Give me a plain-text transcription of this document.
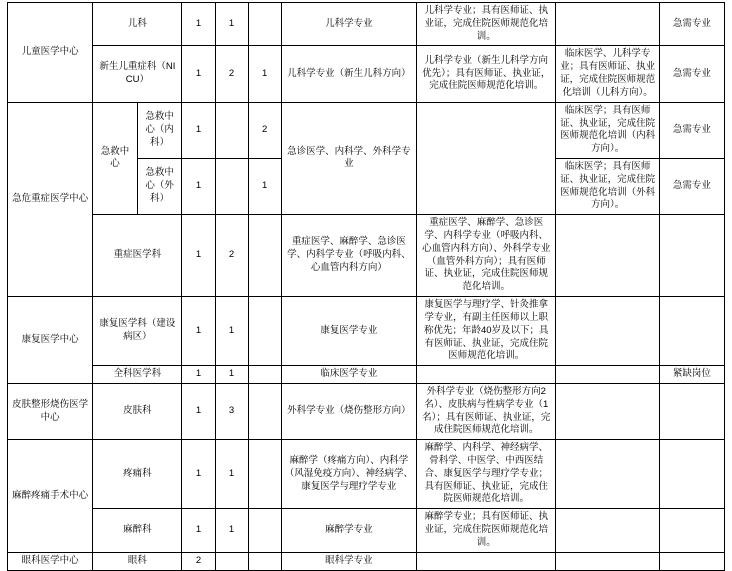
儿童医学中心	儿科		1	1		儿科学专业	儿科学专业；具有医师证、执业证，完成住院医师规范化培训。		急需专业
	新生儿重症科（NICU）		1	2	1	儿科学专业（新生儿科方向）	儿科学专业（新生儿科学方向优先）；具有医师证、执业证，完成住院医师规范化培训。	临床医学、儿科学专业；具有医师证、执业证，完成住院医师规范化培训（儿科方向）。	急需专业
急危重症医学中心	急救中心	急救中心（内科）	1		2	急诊医学、内科学、外科学专业		临床医学；具有医师证、执业证，完成住院医师规范化培训（内科方向）。	急需专业
		急救中心（外科）	1		1			临床医学；具有医师证、执业证，完成住院医师规范化培训（外科方向）。	急需专业
	重症医学科		1	2		重症医学、麻醉学、急诊医学、内科学专业（呼吸内科、心血管内科方向）	重症医学、麻醉学、急诊医学、内科学专业（呼吸内科、心血管内科方向）、外科学专业（血管外科方向）；具有医师证、执业证，完成住院医师规范化培训。		
康复医学中心	康复医学科（建设病区）		1	1		康复医学专业	康复医学与理疗学、针灸推拿学专业，有副主任医师以上职称优先；年龄40岁及以下；具有医师证、执业证，完成住院医师规范化培训。		
	全科医学科		1	1		临床医学专业			紧缺岗位
皮肤整形烧伤医学中心	皮肤科		1	3		外科学专业（烧伤整形方向）	外科学专业（烧伤整形方向2名）、皮肤病与性病学专业（1名）；具有医师证、执业证，完成住院医师规范化培训。		
麻醉疼痛手术中心	疼痛科		1	1		麻醉学（疼痛方向）、内科学（风湿免疫方向）、神经病学、康复医学与理疗学专业	麻醉学、内科学、神经病学、骨科学、中医学、中西医结合、康复医学与理疗学专业；具有医师证、执业证，完成住院医师规范化培训。		
	麻醉科		1	1		麻醉学专业	麻醉学专业；具有医师证、执业证，完成住院医师规范化培训。		
眼科医学中心	眼科		2			眼科学专业			
